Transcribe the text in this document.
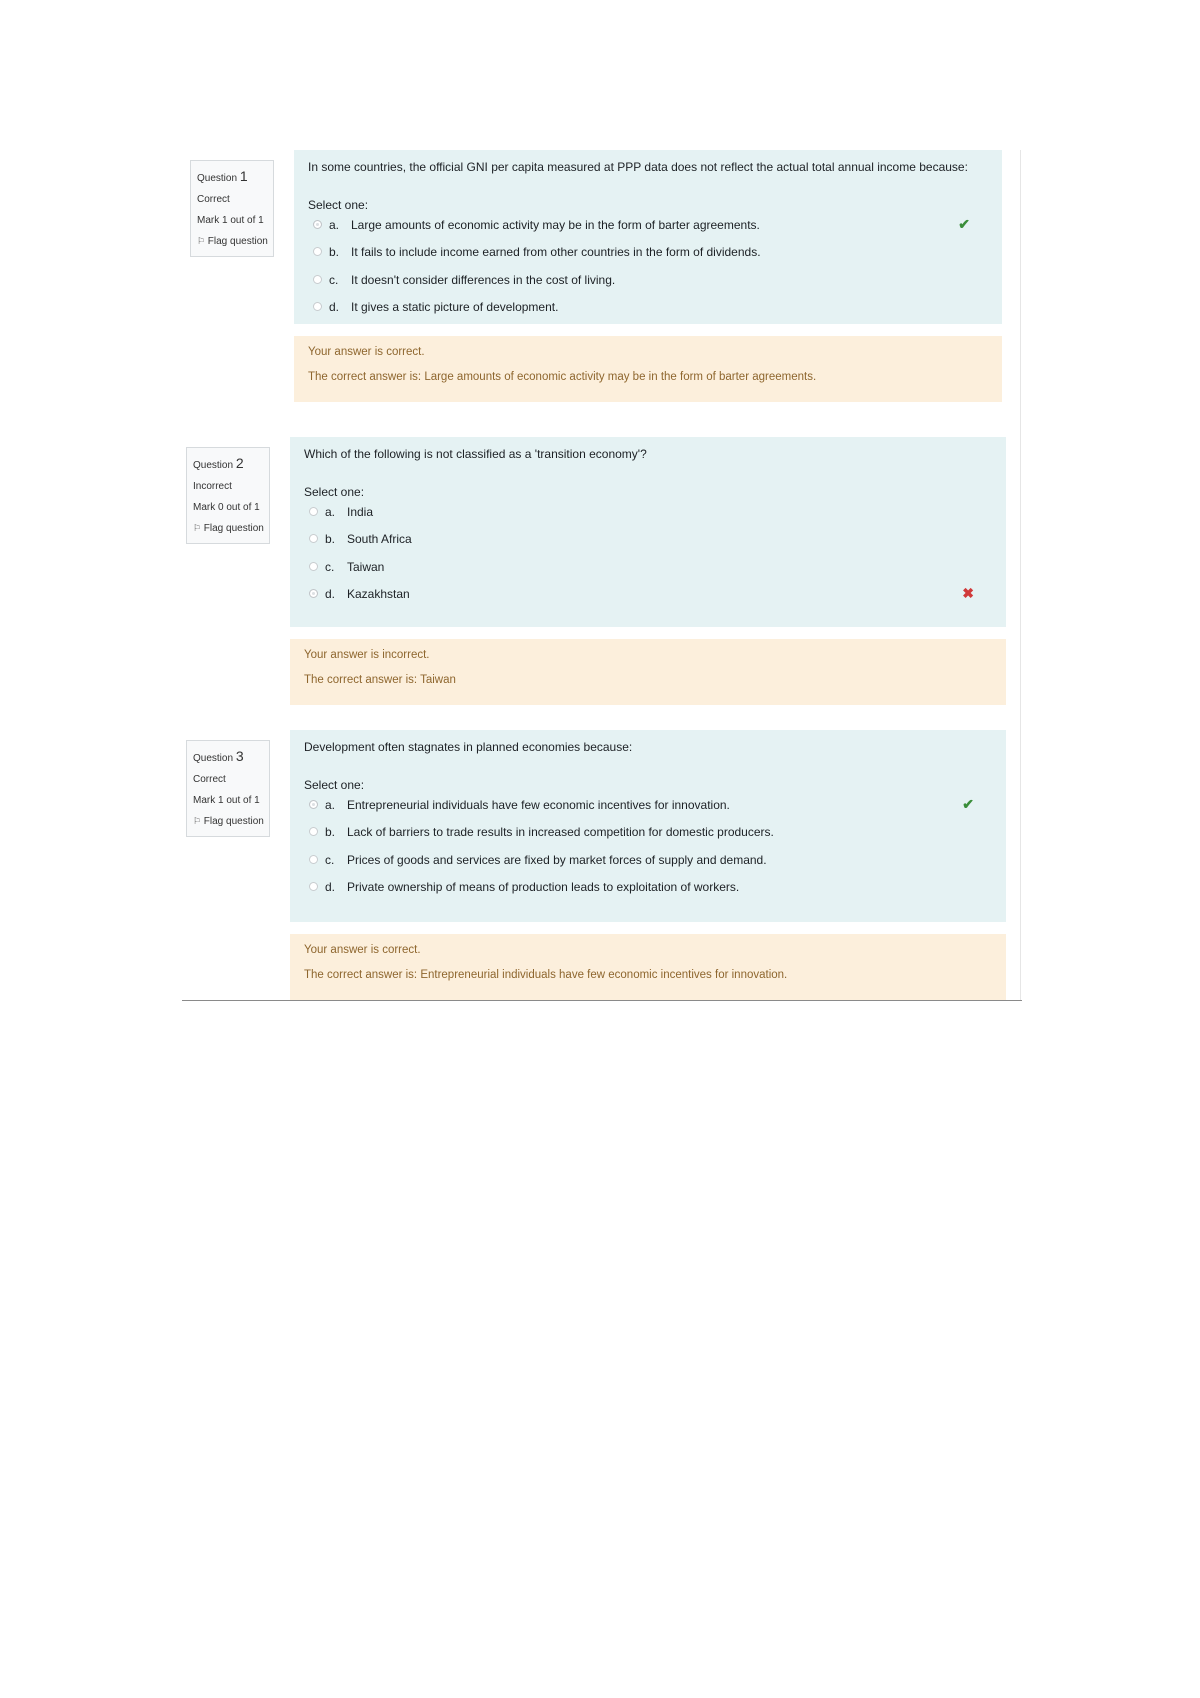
Question 1
Correct
Mark 1 out of 1
⚐ Flag question
In some countries, the official GNI per capita measured at PPP data does not reflect the actual total annual income because:
Select one:
a. Large amounts of economic activity may be in the form of barter agreements.	✔
b. It fails to include income earned from other countries in the form of dividends.
c.	It doesn't consider differences in the cost of living.
d. It gives a static picture of development.
Your answer is correct.
The correct answer is: Large amounts of economic activity may be in the form of barter agreements.
Question 2
Incorrect
Mark 0 out of 1
⚐ Flag question
Which of the following is not classified as a 'transition economy'?
Select one:
a. India
b. South Africa
c.	Taiwan
d. Kazakhstan	✖
Your answer is incorrect.
The correct answer is: Taiwan
Question 3
Correct
Mark 1 out of 1
⚐ Flag question
Development often stagnates in planned economies because:
Select one:
a. Entrepreneurial individuals have few economic incentives for innovation.	✔
b. Lack of barriers to trade results in increased competition for domestic producers.
c.	Prices of goods and services are fixed by market forces of supply and demand.
d. Private ownership of means of production leads to exploitation of workers.
Your answer is correct.
The correct answer is: Entrepreneurial individuals have few economic incentives for innovation.
